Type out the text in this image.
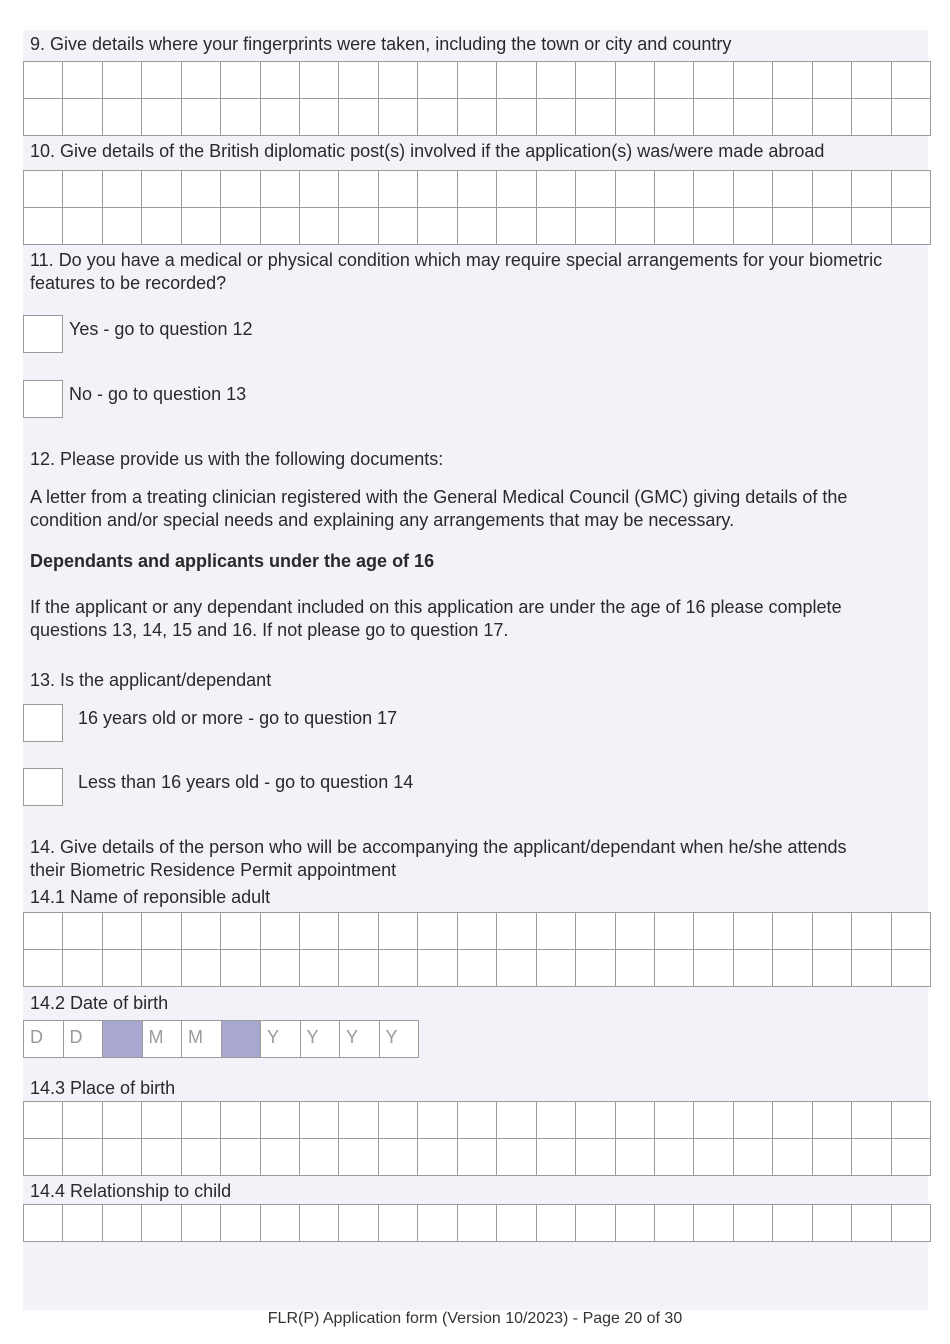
9. Give details where your fingerprints were taken, including the town or city and country

10. Give details of the British diplomatic post(s) involved if the application(s) was/were made abroad

11. Do you have a medical or physical condition which may require special arrangements for your biometric features to be recorded?

Yes - go to question 12
No - go to question 13

12. Please provide us with the following documents:

A letter from a treating clinician registered with the General Medical Council (GMC) giving details of the condition and/or special needs and explaining any arrangements that may be necessary.

Dependants and applicants under the age of 16

If the applicant or any dependant included on this application are under the age of 16 please complete questions 13, 14, 15 and 16. If not please go to question 17.

13. Is the applicant/dependant

16 years old or more - go to question 17
Less than 16 years old - go to question 14

14. Give details of the person who will be accompanying the applicant/dependant when he/she attends their Biometric Residence Permit appointment

14.1 Name of reponsible adult

14.2 Date of birth

D	D	M	M	Y	Y	Y	Y

14.3 Place of birth

14.4 Relationship to child

FLR(P) Application form (Version 10/2023) - Page 20 of 30
